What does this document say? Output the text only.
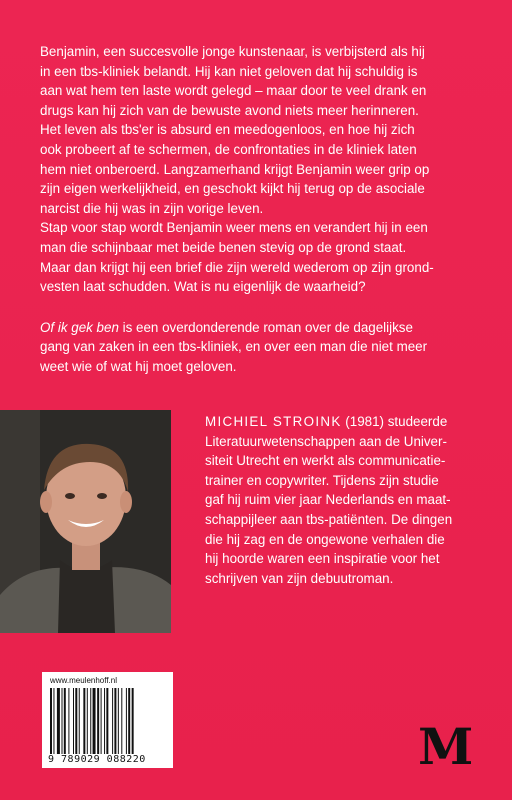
Benjamin, een succesvolle jonge kunstenaar, is verbijsterd als hij

in een tbs-kliniek belandt. Hij kan niet geloven dat hij schuldig is

aan wat hem ten laste wordt gelegd – maar door te veel drank en

drugs kan hij zich van de bewuste avond niets meer herinneren.

Het leven als tbs'er is absurd en meedogenloos, en hoe hij zich

ook probeert af te schermen, de confrontaties in de kliniek laten

hem niet onberoerd. Langzamerhand krijgt Benjamin weer grip op

zijn eigen werkelijkheid, en geschokt kijkt hij terug op de asociale

narcist die hij was in zijn vorige leven.

Stap voor stap wordt Benjamin weer mens en verandert hij in een

man die schijnbaar met beide benen stevig op de grond staat.

Maar dan krijgt hij een brief die zijn wereld wederom op zijn grond-

vesten laat schudden. Wat is nu eigenlijk de waarheid?

Of ik gek ben is een overdonderende roman over de dagelijkse

gang van zaken in een tbs-kliniek, en over een man die niet meer

weet wie of wat hij moet geloven.

MICHIEL STROINK (1981) studeerde

Literatuurwetenschappen aan de Univer-

siteit Utrecht en werkt als communicatie-

trainer en copywriter. Tijdens zijn studie

gaf hij ruim vier jaar Nederlands en maat-

schappijleer aan tbs-patiënten. De dingen

die hij zag en de ongewone verhalen die

hij hoorde waren een inspiratie voor het

schrijven van zijn debuutroman.

www.meulenhoff.nl
9 789029 088220	M
